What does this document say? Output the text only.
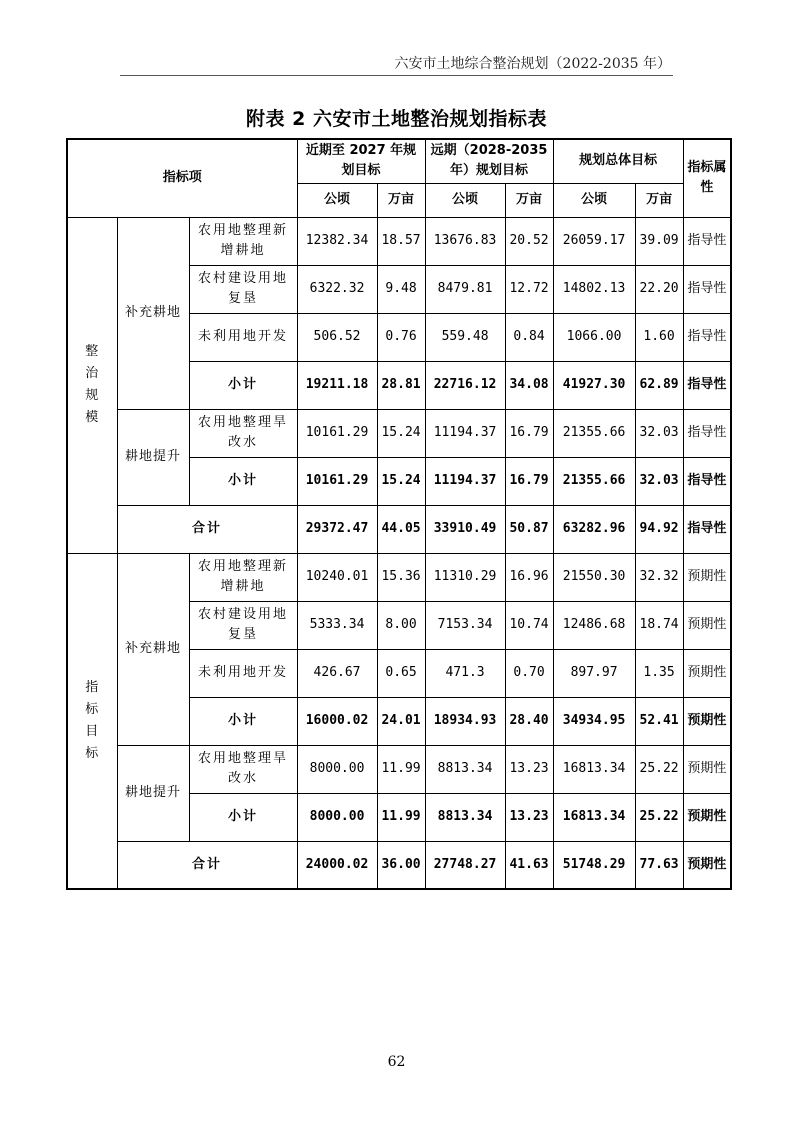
六安市土地综合整治规划（2022-2035 年）
附表 2 六安市土地整治规划指标表
指标项			近期至 2027 年规划目标		远期（2028-2035年）规划目标		规划总体目标		指标属性
			公顷	万亩	公顷	万亩	公顷	万亩	
整治规模	补充耕地	农用地整理新增耕地	12382.34	18.57	13676.83	20.52	26059.17	39.09	指导性
		农村建设用地复垦	6322.32	9.48	8479.81	12.72	14802.13	22.20	指导性
		未利用地开发	506.52	0.76	559.48	0.84	1066.00	1.60	指导性
		小计	19211.18	28.81	22716.12	34.08	41927.30	62.89	指导性
	耕地提升	农用地整理旱改水	10161.29	15.24	11194.37	16.79	21355.66	32.03	指导性
		小计	10161.29	15.24	11194.37	16.79	21355.66	32.03	指导性
	合计		29372.47	44.05	33910.49	50.87	63282.96	94.92	指导性
指标目标	补充耕地	农用地整理新增耕地	10240.01	15.36	11310.29	16.96	21550.30	32.32	预期性
		农村建设用地复垦	5333.34	8.00	7153.34	10.74	12486.68	18.74	预期性
		未利用地开发	426.67	0.65	471.3	0.70	897.97	1.35	预期性
		小计	16000.02	24.01	18934.93	28.40	34934.95	52.41	预期性
	耕地提升	农用地整理旱改水	8000.00	11.99	8813.34	13.23	16813.34	25.22	预期性
		小计	8000.00	11.99	8813.34	13.23	16813.34	25.22	预期性
	合计		24000.02	36.00	27748.27	41.63	51748.29	77.63	预期性
62
